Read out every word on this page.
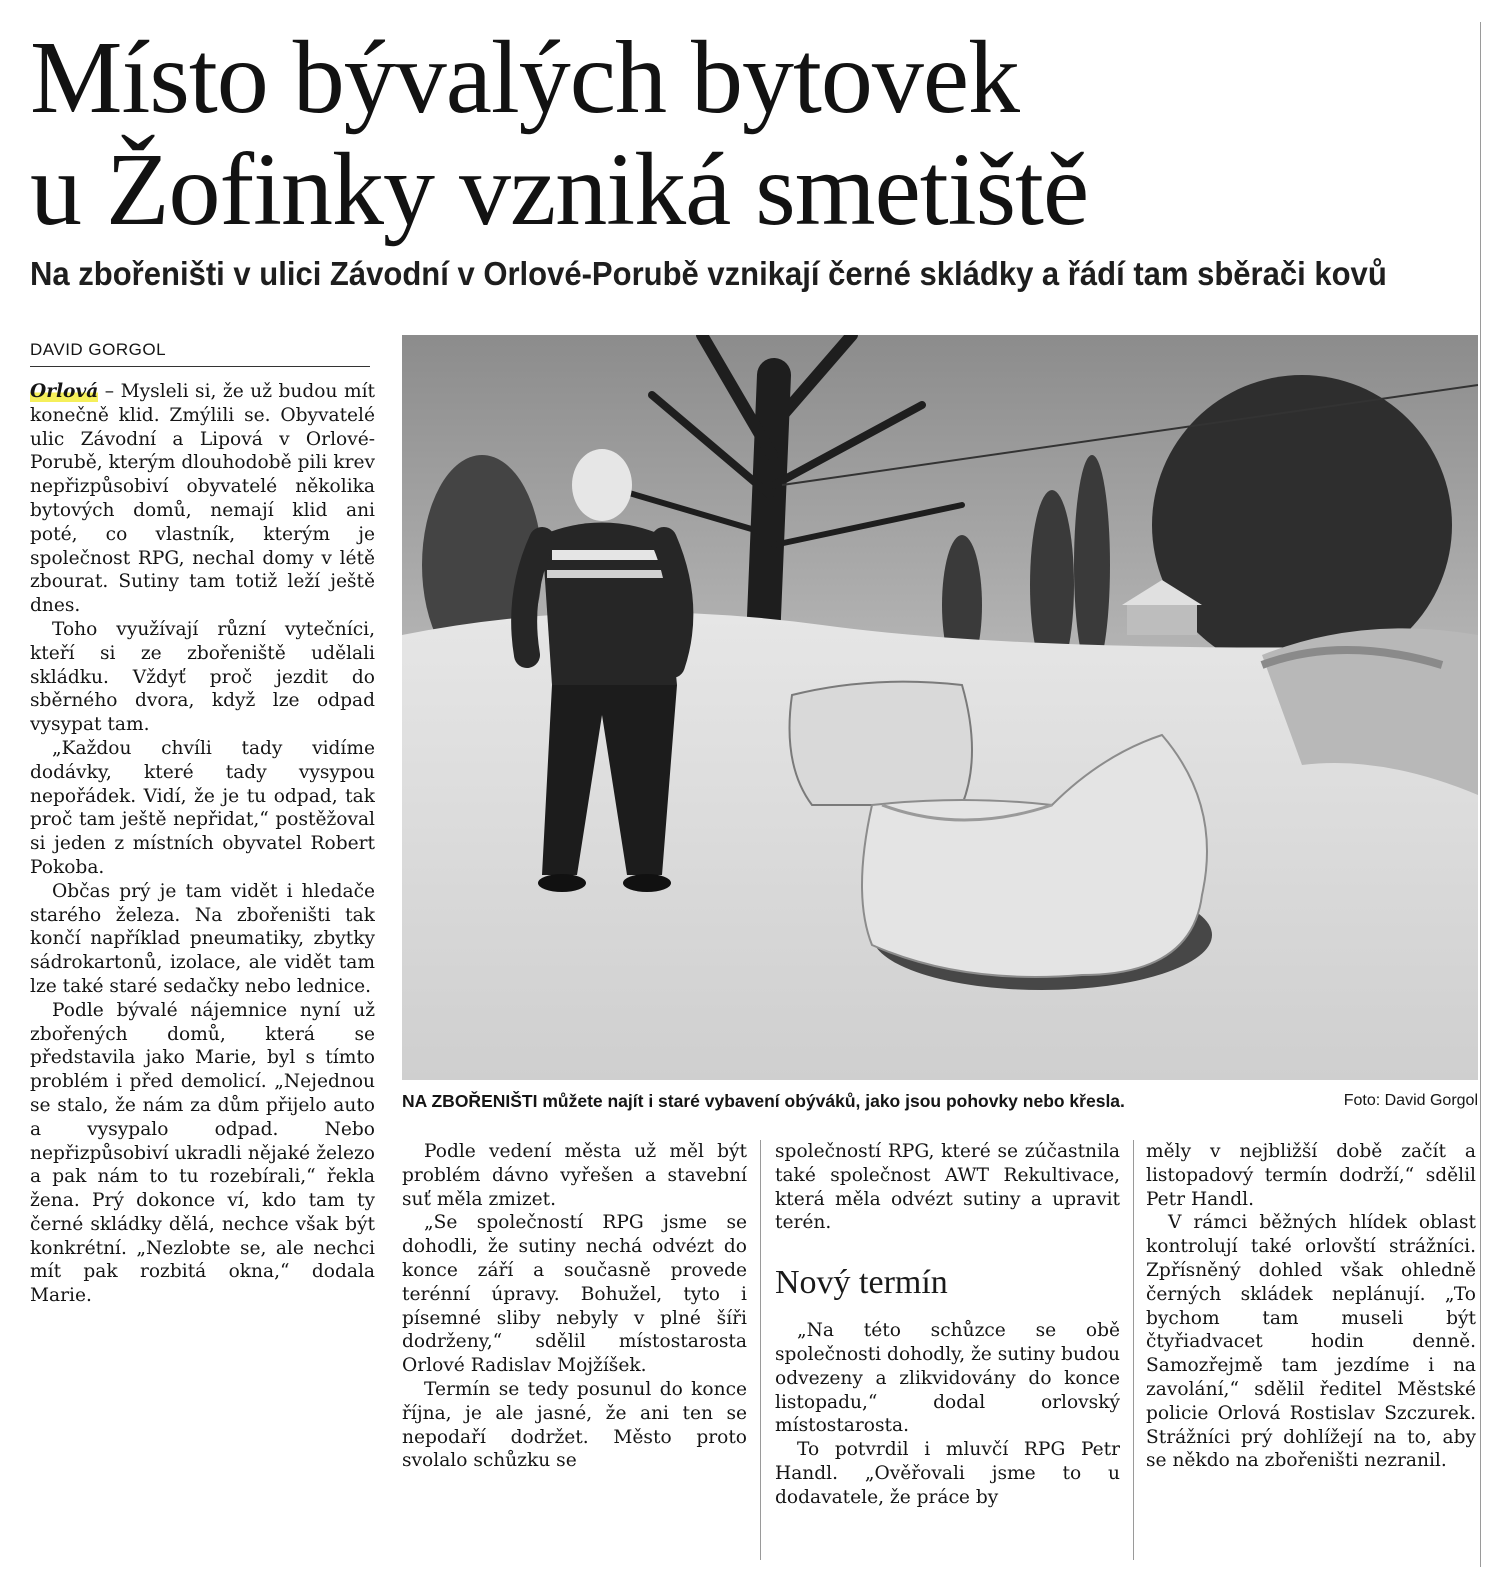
Místo bývalých bytovek
u Žofinky vzniká smetiště
Na zbořeništi v ulici Závodní v Orlové-Porubě vznikají černé skládky a řádí tam sběrači kovů
DAVID GORGOL

Orlová – Mysleli si, že už budou mít konečně klid. Zmýlili se. Obyvatelé ulic Závodní a Lipová v Orlové-Porubě, kterým dlouhodobě pili krev nepřizpůsobiví obyvatelé několika bytových domů, nemají klid ani poté, co vlastník, kterým je společnost RPG, nechal domy v létě zbourat. Sutiny tam totiž leží ještě dnes.

Toho využívají různí vytečníci, kteří si ze zbořeniště udělali skládku. Vždyť proč jezdit do sběrného dvora, když lze odpad vysypat tam.

„Každou chvíli tady vidíme dodávky, které tady vysypou nepořádek. Vidí, že je tu odpad, tak proč tam ještě nepřidat,“ postěžoval si jeden z místních obyvatel Robert Pokoba.

Občas prý je tam vidět i hledače starého železa. Na zbořeništi tak končí například pneumatiky, zbytky sádrokartonů, izolace, ale vidět tam lze také staré sedačky nebo lednice.

Podle bývalé nájemnice nyní už zbořených domů, která se představila jako Marie, byl s tímto problém i před demolicí. „Nejednou se stalo, že nám za dům přijelo auto a vysypalo odpad. Nebo nepřizpůsobiví ukradli nějaké železo a pak nám to tu rozebírali,“ řekla žena. Prý dokonce ví, kdo tam ty černé skládky dělá, nechce však být konkrétní. „Nezlobte se, ale nechci mít pak rozbitá okna,“ dodala Marie.

NA ZBOŘENIŠTI můžete najít i staré vybavení obýváků, jako jsou pohovky nebo křesla.	Foto: David Gorgol

Podle vedení města už měl být problém dávno vyřešen a stavební suť měla zmizet.

„Se společností RPG jsme se dohodli, že sutiny nechá odvézt do konce září a současně provede terénní úpravy. Bohužel, tyto i písemné sliby nebyly v plné šíři dodrženy,“ sdělil místostarosta Orlové Radislav Mojžíšek.

Termín se tedy posunul do konce října, je ale jasné, že ani ten se nepodaří dodržet. Město proto svolalo schůzku se

společností RPG, které se zúčastnila také společnost AWT Rekultivace, která měla odvézt sutiny a upravit terén.

Nový termín

„Na této schůzce se obě společnosti dohodly, že sutiny budou odvezeny a zlikvidovány do konce listopadu,“ dodal orlovský místostarosta.

To potvrdil i mluvčí RPG Petr Handl. „Ověřovali jsme to u dodavatele, že práce by

měly v nejbližší době začít a listopadový termín dodrží,“ sdělil Petr Handl.

V rámci běžných hlídek oblast kontrolují také orlovští strážníci. Zpřísněný dohled však ohledně černých skládek neplánují. „To bychom tam museli být čtyřiadvacet hodin denně. Samozřejmě tam jezdíme i na zavolání,“ sdělil ředitel Městské policie Orlová Rostislav Szczurek. Strážníci prý dohlížejí na to, aby se někdo na zbořeništi nezranil.
